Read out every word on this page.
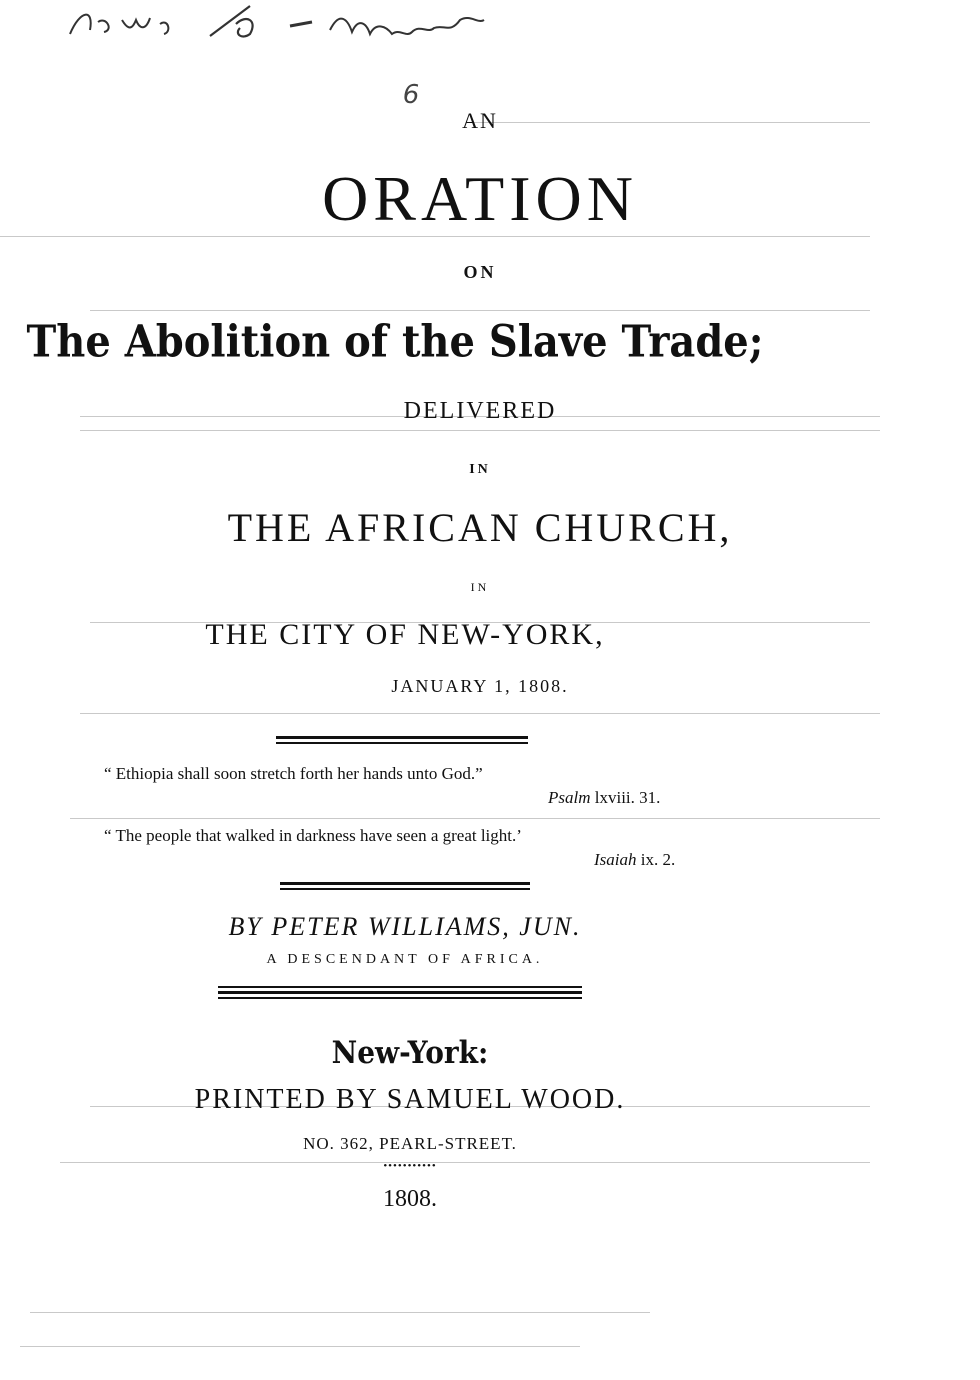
6
AN
ORATION
ON
The Abolition of the Slave Trade;
DELIVERED
IN
THE AFRICAN CHURCH,
IN
THE CITY OF NEW-YORK,
JANUARY 1, 1808.
“ Ethiopia shall soon stretch forth her hands unto God.”
Psalm lxviii. 31.
“ The people that walked in darkness have seen a great light.’
Isaiah ix. 2.
BY PETER WILLIAMS, JUN.
A DESCENDANT OF AFRICA.
New-York:
PRINTED BY SAMUEL WOOD.
NO. 362, PEARL-STREET.
•••••••••••
1808.
